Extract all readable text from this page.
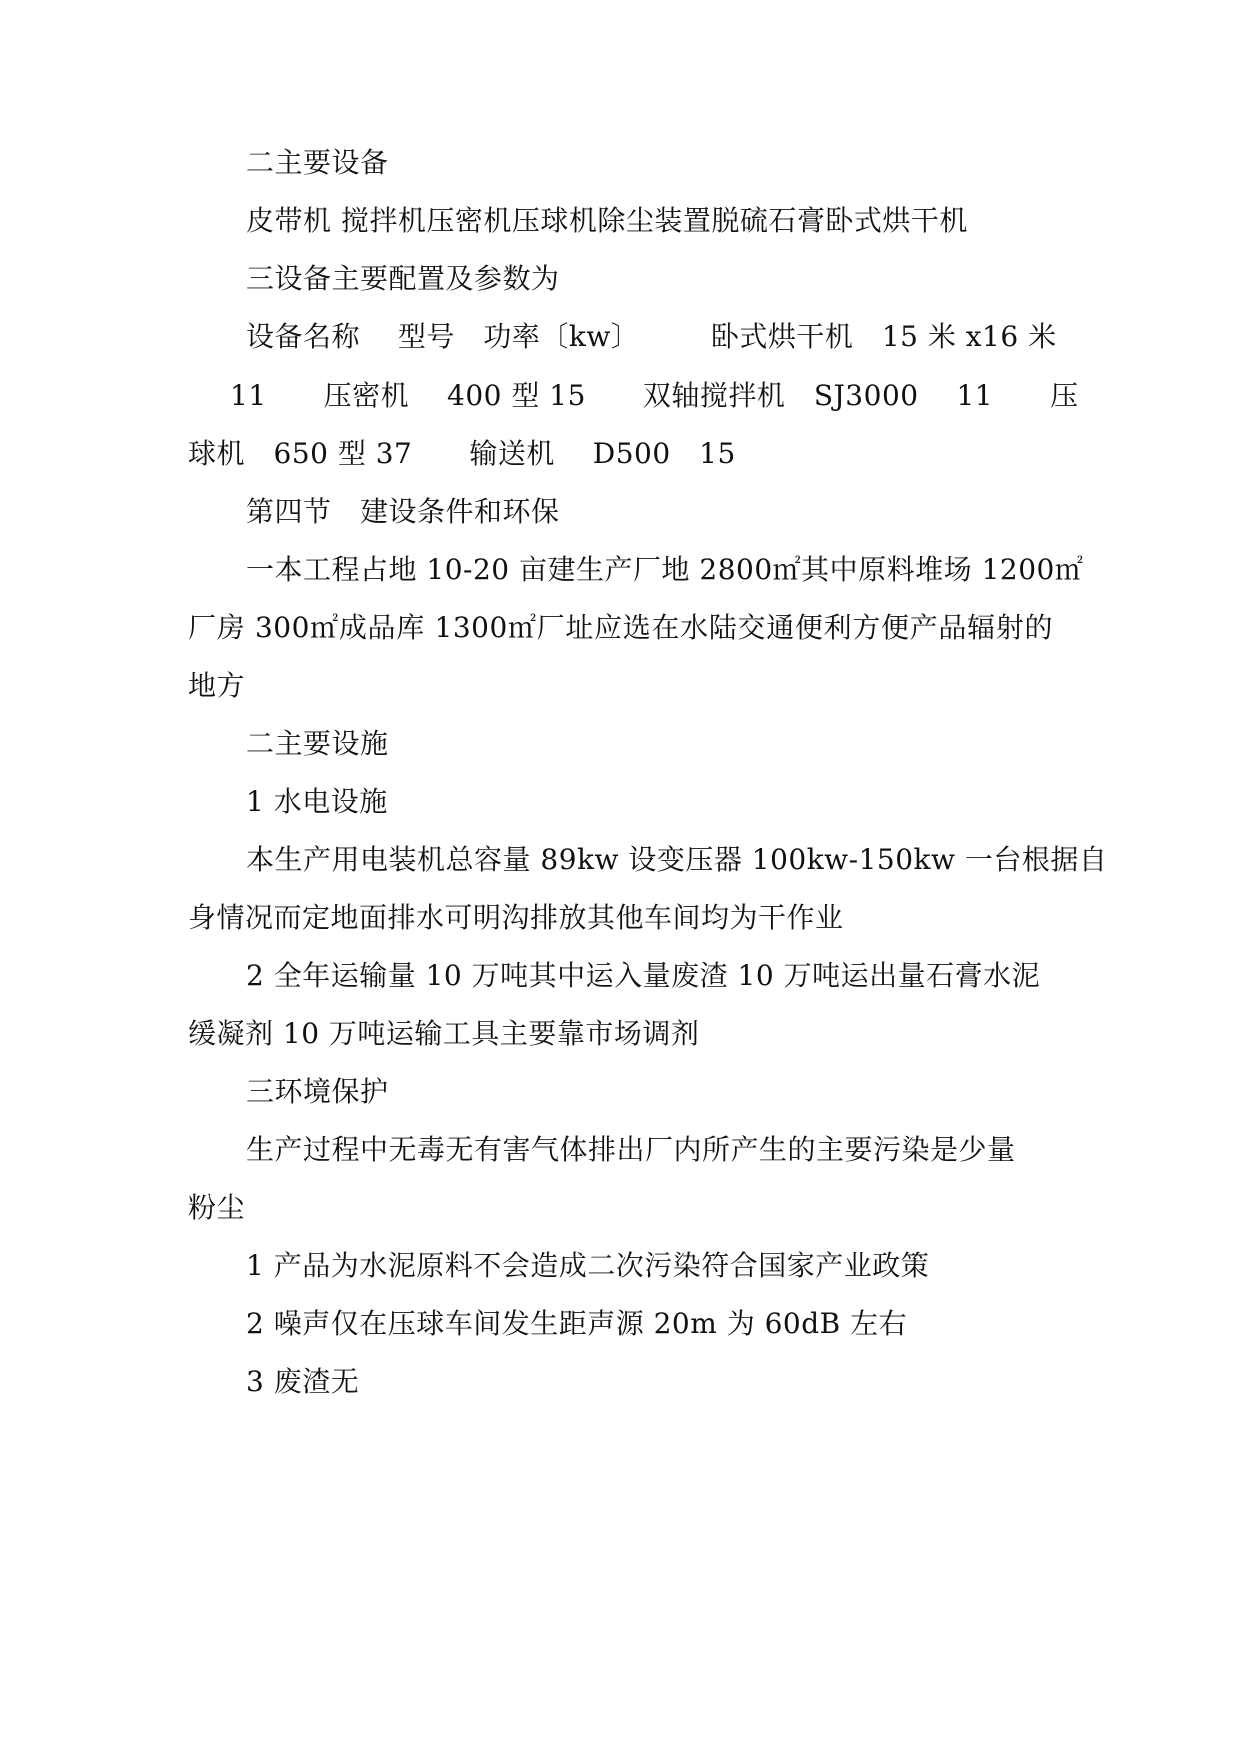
二主要设备

皮带机 搅拌机压密机压球机除尘装置脱硫石膏卧式烘干机

三设备主要配置及参数为

设备名称　 型号　功率〔kw〕　　　卧式烘干机　15 米 x16 米

11　　压密机　 400 型 15　　双轴搅拌机　SJ3000　 11　　压

球机　650 型 37　　输送机　 D500　15

第四节　建设条件和环保

一本工程占地 10-20 亩建生产厂地 2800㎡其中原料堆场 1200㎡

厂房 300㎡成品库 1300㎡厂址应选在水陆交通便利方便产品辐射的

地方

二主要设施

1 水电设施

本生产用电装机总容量 89kw 设变压器 100kw-150kw 一台根据自

身情况而定地面排水可明沟排放其他车间均为干作业

2 全年运输量 10 万吨其中运入量废渣 10 万吨运出量石膏水泥

缓凝剂 10 万吨运输工具主要靠市场调剂

三环境保护

生产过程中无毒无有害气体排出厂内所产生的主要污染是少量

粉尘

1 产品为水泥原料不会造成二次污染符合国家产业政策

2 噪声仅在压球车间发生距声源 20m 为 60dB 左右

3 废渣无
